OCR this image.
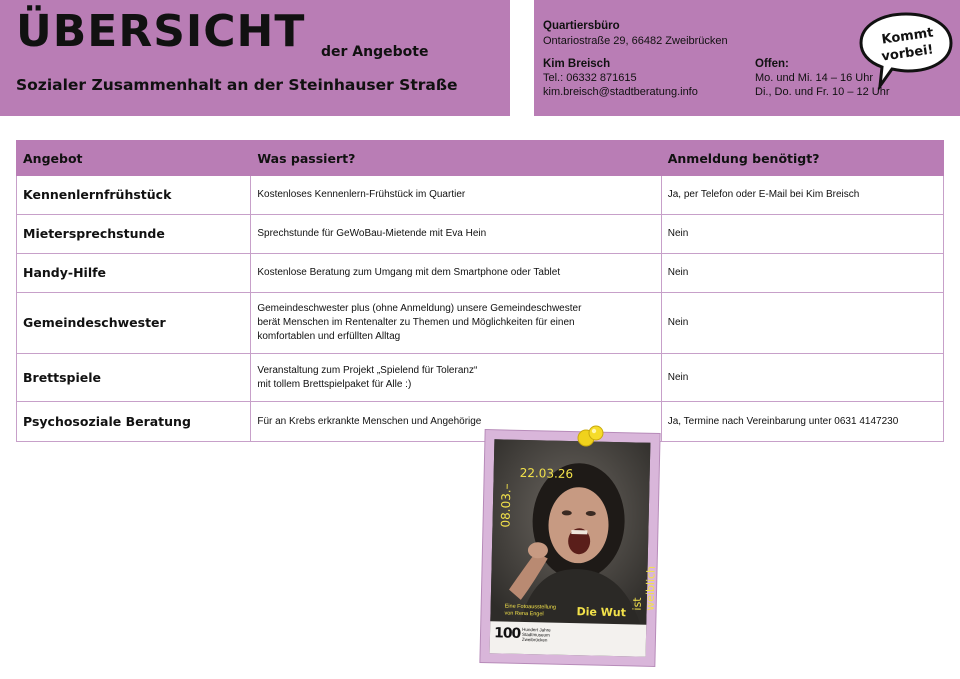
ÜBERSICHT der Angebote
Sozialer Zusammenhalt an der Steinhauser Straße
Quartiersbüro
Ontariostraße 29, 66482 Zweibrücken
Kim Breisch
Tel.: 06332 871615
kim.breisch@stadtberatung.info
Offen:
Mo. und Mi. 14 – 16 Uhr
Di., Do. und Fr. 10 – 12 Uhr
Kommt
vorbei!
Angebot	Was passiert?	Anmeldung benötigt?
Kennenlernfrühstück	Kostenloses Kennenlern-Frühstück im Quartier	Ja, per Telefon oder E-Mail bei Kim Breisch
Mietersprechstunde	Sprechstunde für GeWoBau-Mietende mit Eva Hein	Nein
Handy-Hilfe	Kostenlose Beratung zum Umgang mit dem Smartphone oder Tablet	Nein
Gemeindeschwester	Gemeindeschwester plus (ohne Anmeldung) unsere Gemeindeschwester
berät Menschen im Rentenalter zu Themen und Möglichkeiten für einen
komfortablen und erfüllten Alltag	Nein
Brettspiele	Veranstaltung zum Projekt „Spielend für Toleranz“
mit tollem Brettspielpaket für Alle :)	Nein
Psychosoziale Beratung	Für an Krebs erkrankte Menschen und Angehörige	Ja, Termine nach Vereinbarung unter 0631 4147230
22.03.26
08.03.–
Eine Fotoausstellung
von Rena Engel	Die Wut
ist weiblich
100 Hundert Jahre
Stadtmuseum
Zweibrücken
